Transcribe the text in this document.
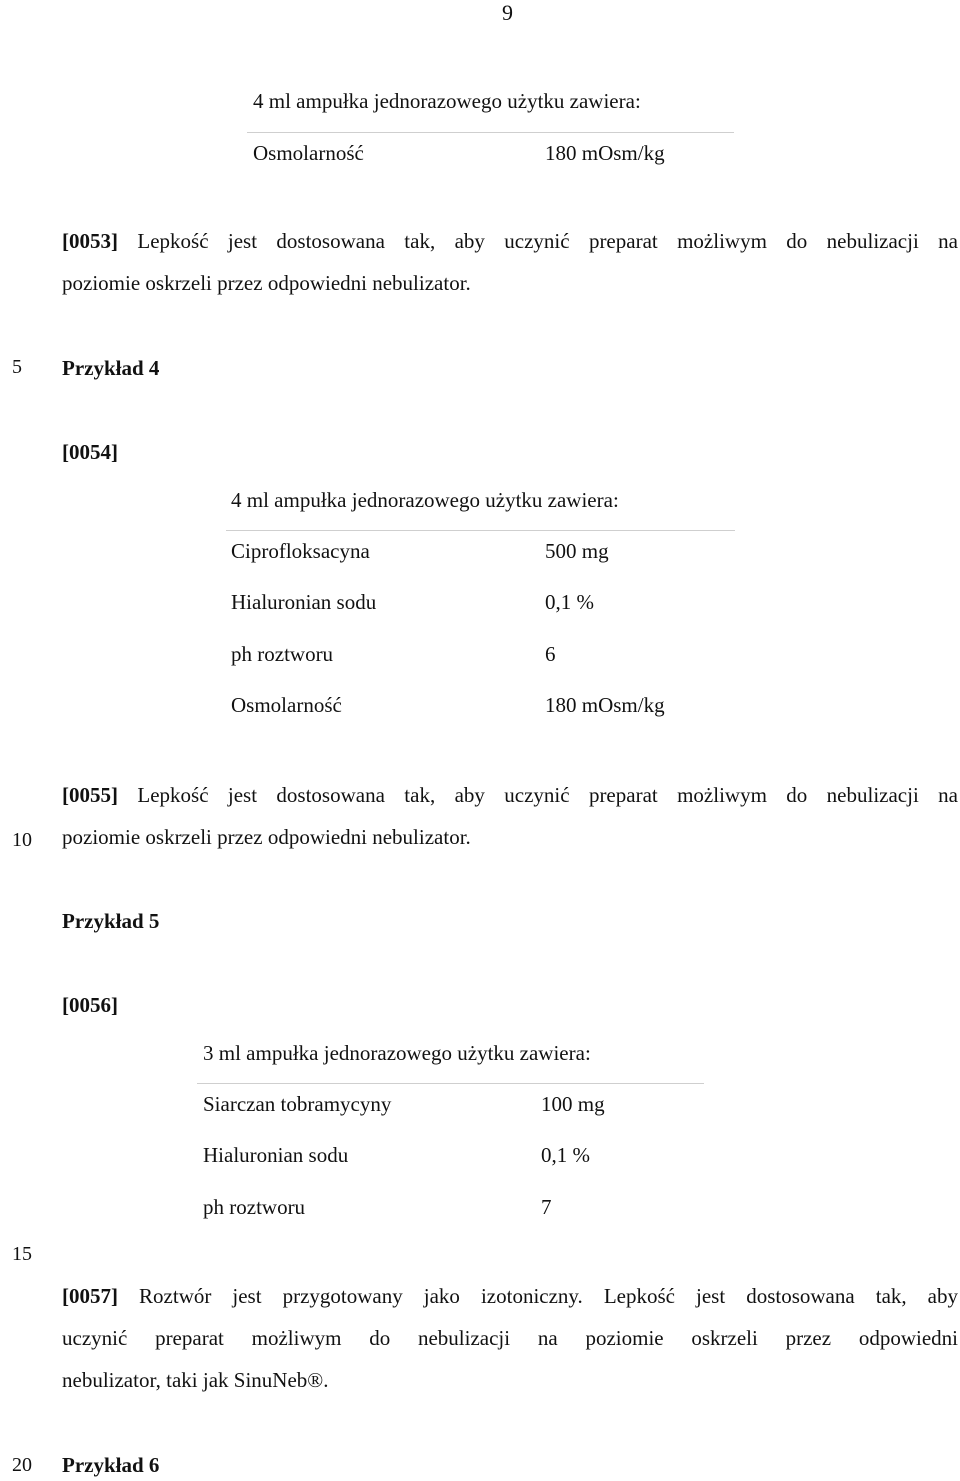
9
5
10
15
20
4 ml ampułka jednorazowego użytku zawiera:
Osmolarność	180 mOsm/kg
[0053] Lepkość jest dostosowana tak, aby uczynić preparat możliwym do nebulizacji na
poziomie oskrzeli przez odpowiedni nebulizator.
Przykład 4
[0054]
4 ml ampułka jednorazowego użytku zawiera:
Ciprofloksacyna	500 mg
Hialuronian sodu	0,1 %
ph roztworu	6
Osmolarność	180 mOsm/kg
[0055] Lepkość jest dostosowana tak, aby uczynić preparat możliwym do nebulizacji na
poziomie oskrzeli przez odpowiedni nebulizator.
Przykład 5
[0056]
3 ml ampułka jednorazowego użytku zawiera:
Siarczan tobramycyny	100 mg
Hialuronian sodu	0,1 %
ph roztworu	7
[0057] Roztwór jest przygotowany jako izotoniczny. Lepkość jest dostosowana tak, aby
uczynić preparat możliwym do nebulizacji na poziomie oskrzeli przez odpowiedni
nebulizator, taki jak SinuNeb®.
Przykład 6
